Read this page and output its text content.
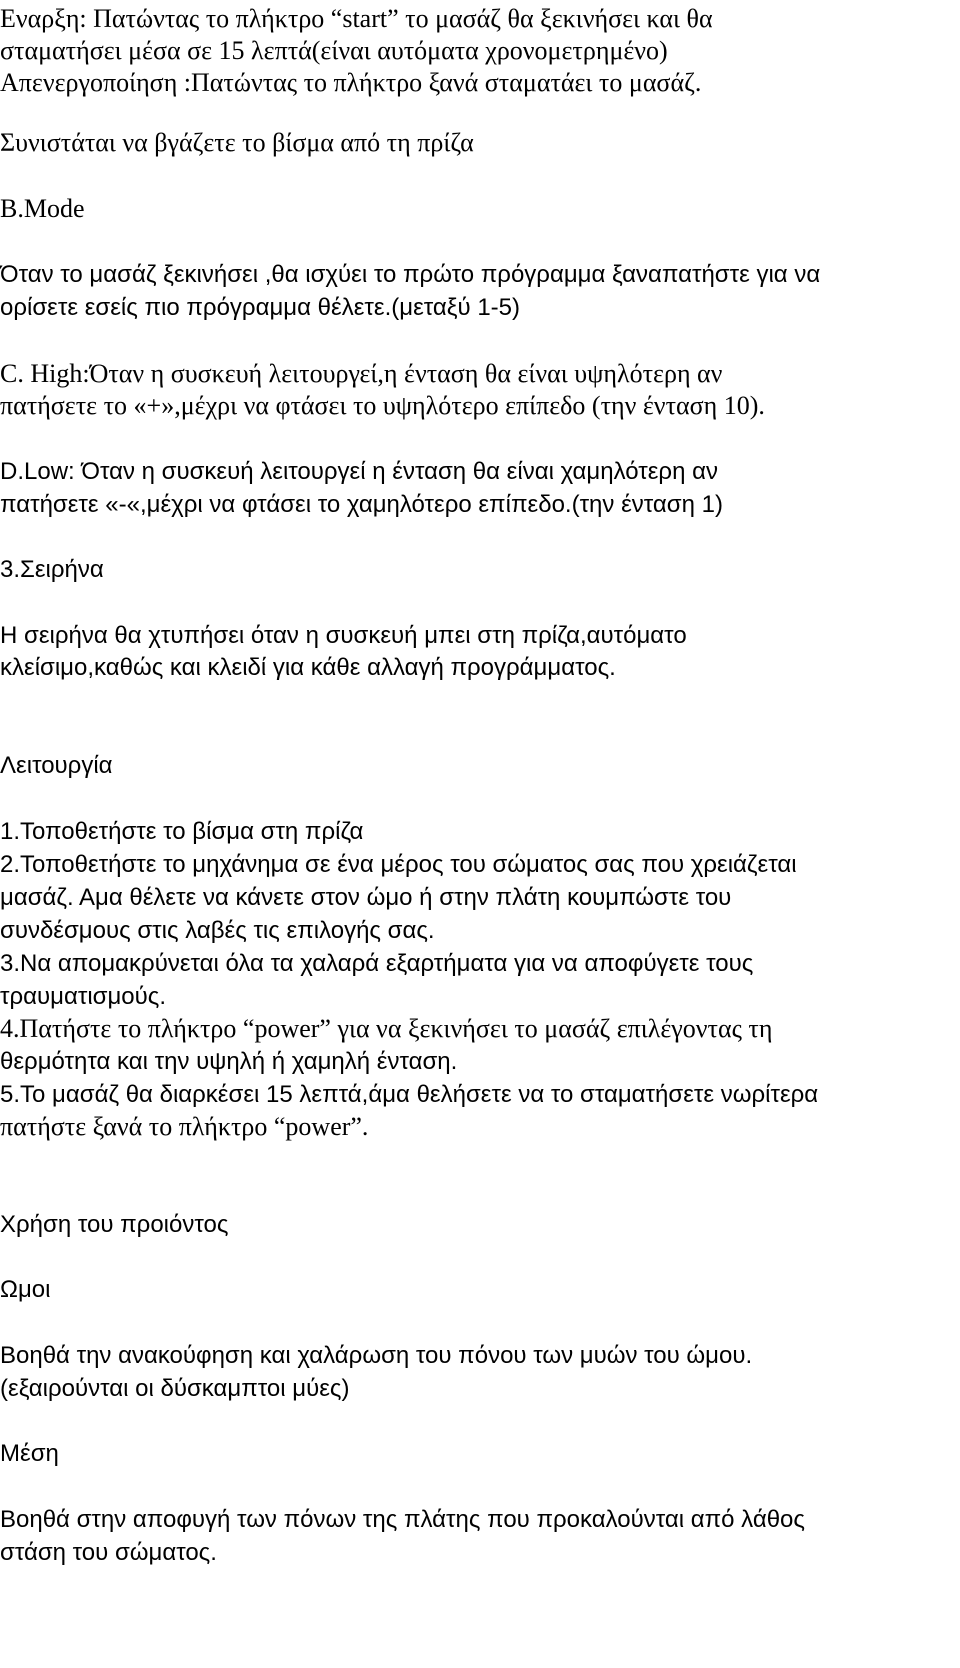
Εναρξη: Πατώντας το πλήκτρο “start” το μασάζ θα ξεκινήσει και θα

σταματήσει μέσα σε 15 λεπτά(είναι αυτόματα χρονομετρημένο)

Απενεργοποίηση :Πατώντας το πλήκτρο ξανά σταματάει το μασάζ.

Συνιστάται να βγάζετε το βίσμα από τη πρίζα

B.Mode

Όταν το μασάζ ξεκινήσει ,θα ισχύει το πρώτο πρόγραμμα ξαναπατήστε για να

ορίσετε εσείς πιο πρόγραμμα θέλετε.(μεταξύ 1-5)

C. High:Όταν η συσκευή λειτουργεί,η ένταση θα είναι υψηλότερη αν

πατήσετε το «+»,μέχρι να φτάσει το υψηλότερο επίπεδο (την ένταση 10).

D.Low: Όταν η συσκευή λειτουργεί η ένταση θα είναι χαμηλότερη αν

πατήσετε «-«,μέχρι να φτάσει το χαμηλότερο επίπεδο.(την ένταση 1)

3.Σειρήνα

Η σειρήνα θα χτυπήσει όταν η συσκευή μπει στη πρίζα,αυτόματο

κλείσιμο,καθώς και κλειδί για κάθε αλλαγή προγράμματος.

Λειτουργία

1.Τοποθετήστε το βίσμα στη πρίζα

2.Τοποθετήστε το μηχάνημα σε ένα μέρος του σώματος σας που χρειάζεται

μασάζ. Αμα θέλετε να κάνετε στον ώμο ή στην πλάτη κουμπώστε του

συνδέσμους στις λαβές τις επιλογής σας.

3.Να απομακρύνεται όλα τα χαλαρά εξαρτήματα για να αποφύγετε τους

τραυματισμούς.

4.Πατήστε το πλήκτρο “power” για να ξεκινήσει το μασάζ επιλέγοντας τη

θερμότητα και την υψηλή ή χαμηλή ένταση.

5.Το μασάζ θα διαρκέσει 15 λεπτά,άμα θελήσετε να το σταματήσετε νωρίτερα

πατήστε ξανά το πλήκτρο “power”.

Χρήση του προιόντος

Ωμοι

Βοηθά την ανακούφηση και χαλάρωση του πόνου των μυών του ώμου.

(εξαιρούνται οι δύσκαμπτοι μύες)

Μέση

Βοηθά στην αποφυγή των πόνων της πλάτης που προκαλούνται από λάθος

στάση του σώματος.
